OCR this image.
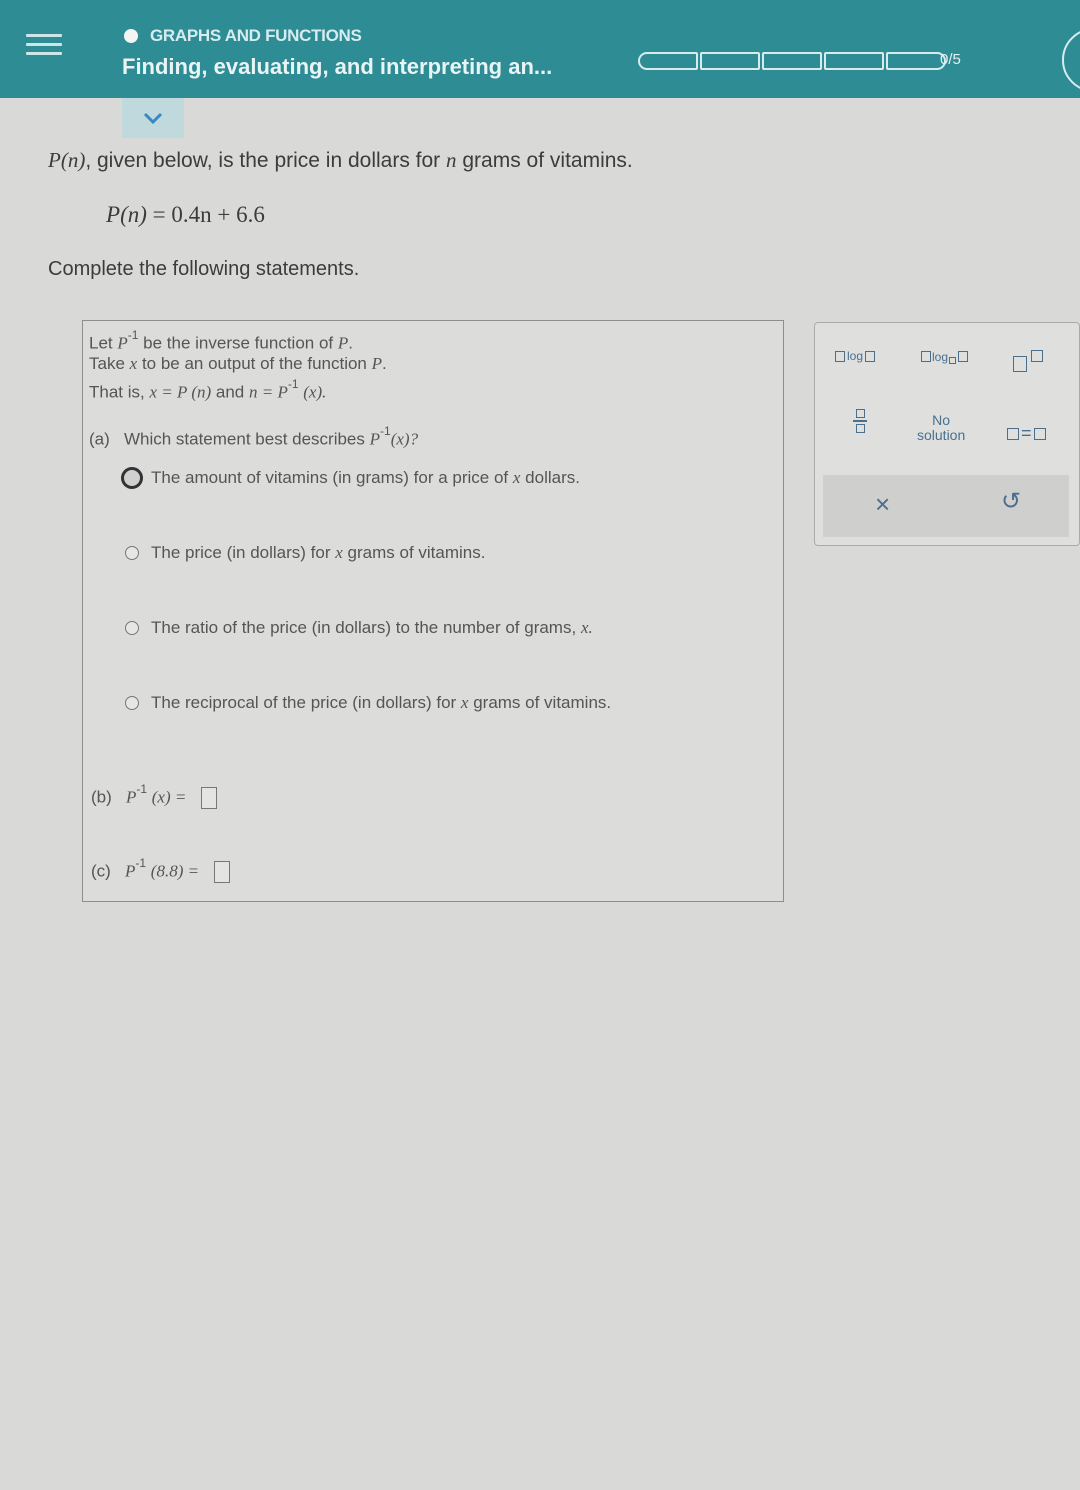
GRAPHS AND FUNCTIONS
Finding, evaluating, and interpreting an...	0/5
P(n), given below, is the price in dollars for n grams of vitamins.
P(n) = 0.4n + 6.6
Complete the following statements.
Let $P^{-1}$ be the inverse function of P.
Take x to be an output of the function P.
That is, x = P (n) and $n = P^{-1}$ (x).
(a) Which statement best describes $P^{-1}(x)$?
The amount of vitamins (in grams) for a price of
x
dollars.
The price (in dollars) for
x
grams of vitamins.
The ratio of the price (in dollars) to the number of grams,
x.
The reciprocal of the price (in dollars) for
x
grams of vitamins.
(b) $P^{-1}$ (x) =
(c) $P^{-1}$ (8.8) =
log	log
No
solution	=
×	↺
